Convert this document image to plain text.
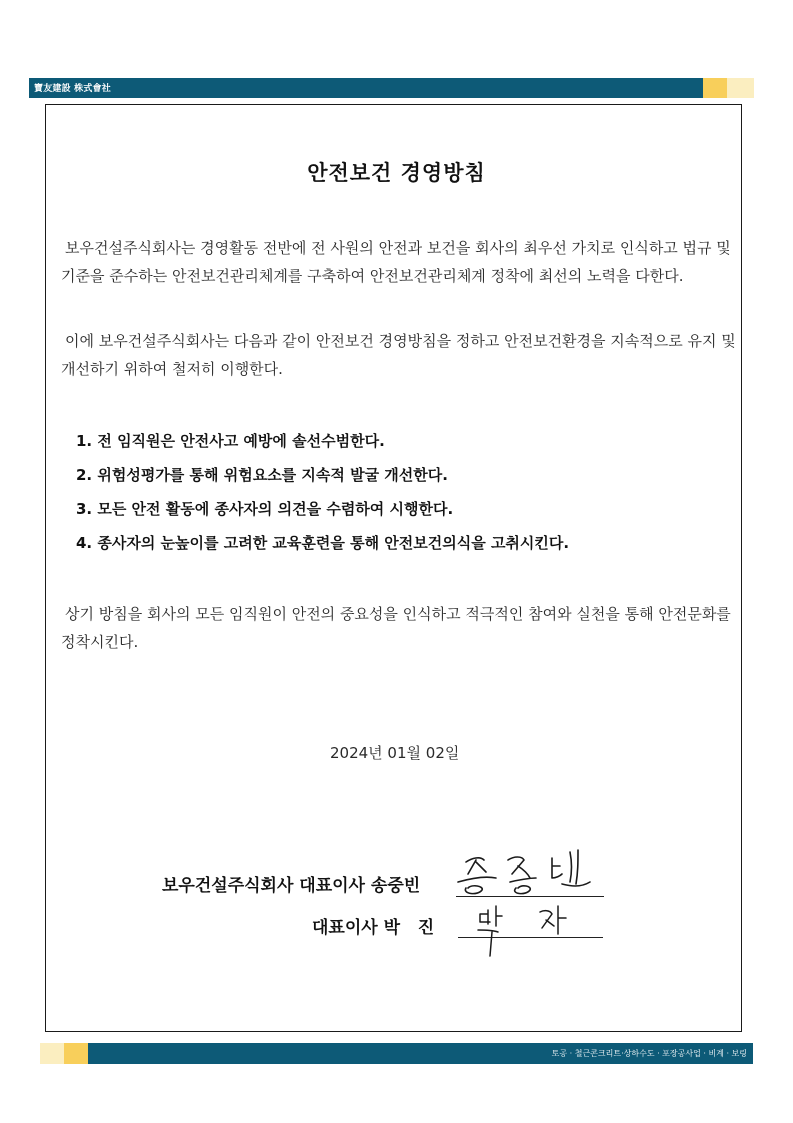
寶友建設 株式會社
안전보건 경영방침

보우건설주식회사는 경영활동 전반에 전 사원의 안전과 보건을 회사의 최우선 가치로 인식하고 법규 및 기준을 준수하는 안전보건관리체계를 구축하여 안전보건관리체계 정착에 최선의 노력을 다한다.

이에 보우건설주식회사는 다음과 같이 안전보건 경영방침을 정하고 안전보건환경을 지속적으로 유지 및 개선하기 위하여 철저히 이행한다.

1. 전 임직원은 안전사고 예방에 솔선수범한다.
2. 위험성평가를 통해 위험요소를 지속적 발굴 개선한다.
3. 모든 안전 활동에 종사자의 의견을 수렴하여 시행한다.
4. 종사자의 눈높이를 고려한 교육훈련을 통해 안전보건의식을 고취시킨다.

상기 방침을 회사의 모든 임직원이 안전의 중요성을 인식하고 적극적인 참여와 실천을 통해 안전문화를 정착시킨다.

2024년 01월 02일
보우건설주식회사 대표이사 송중빈
대표이사 박   진
토공 · 철근콘크리트·상하수도 · 포장공사업 · 비계 · 보링
